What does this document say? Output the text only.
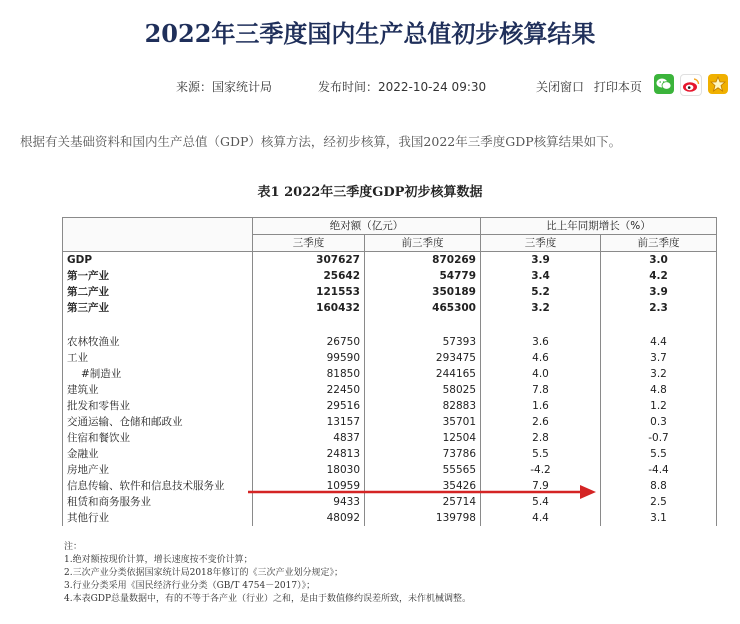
2022年三季度国内生产总值初步核算结果
来源：国家统计局	发布时间：2022-10-24 09:30	关闭窗口 打印本页
根据有关基础资料和国内生产总值（GDP）核算方法，经初步核算，我国2022年三季度GDP核算结果如下。
表1 2022年三季度GDP初步核算数据
	绝对额（亿元）		比上年同期增长（%）	
	三季度	前三季度	三季度	前三季度
GDP	307627	870269	3.9	3.0
第一产业	25642	54779	3.4	4.2
第二产业	121553	350189	5.2	3.9
第三产业	160432	465300	3.2	2.3

农林牧渔业	26750	57393	3.6	4.4
工业	99590	293475	4.6	3.7
#制造业	81850	244165	4.0	3.2
建筑业	22450	58025	7.8	4.8
批发和零售业	29516	82883	1.6	1.2
交通运输、仓储和邮政业	13157	35701	2.6	0.3
住宿和餐饮业	4837	12504	2.8	-0.7
金融业	24813	73786	5.5	5.5
房地产业	18030	55565	-4.2	-4.4
信息传输、软件和信息技术服务业	10959	35426	7.9	8.8
租赁和商务服务业	9433	25714	5.4	2.5
其他行业	48092	139798	4.4	3.1
注：
1.绝对额按现价计算，增长速度按不变价计算；
2.三次产业分类依据国家统计局2018年修订的《三次产业划分规定》；
3.行业分类采用《国民经济行业分类（GB/T 4754－2017）》；
4.本表GDP总量数据中，有的不等于各产业（行业）之和，是由于数值修约误差所致，未作机械调整。
